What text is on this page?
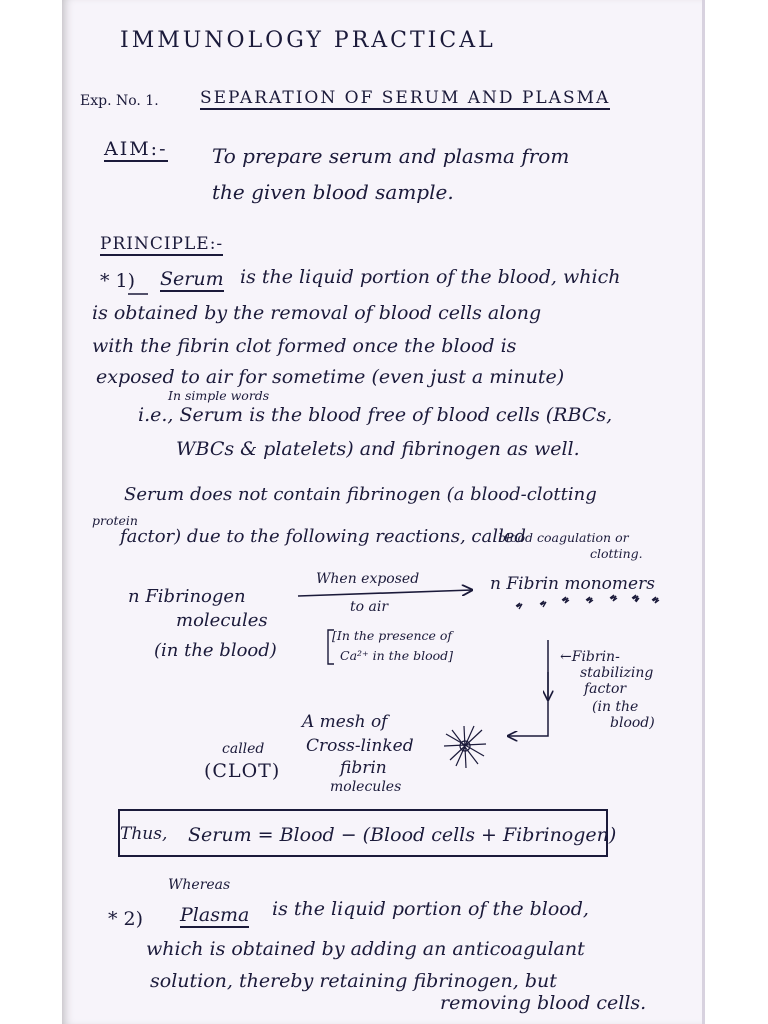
IMMUNOLOGY PRACTICAL
Exp. No. 1. SEPARATION OF SERUM AND PLASMA
AIM:- To prepare serum and plasma from
the given blood sample.
PRINCIPLE:-
* 1) Serum is the liquid portion of the blood, which
is obtained by the removal of blood cells along
with the fibrin clot formed once the blood is
exposed to air for sometime (even just a minute)
In simple words
i.e., Serum is the blood free of blood cells (RBCs,
WBCs & platelets) and fibrinogen as well.
Serum does not contain fibrinogen (a blood-clotting
protein
factor) due to the following reactions, called
blood coagulation or
clotting.
n Fibrinogen
molecules
(in the blood)
When exposed
to air
[In the presence of
Ca²⁺ in the blood]
n Fibrin monomers
←Fibrin-
stabilizing
factor
(in the
blood)
A mesh of
Cross-linked
fibrin
molecules
called
(CLOT)
Thus, Serum = Blood − (Blood cells + Fibrinogen)
Whereas
* 2) Plasma is the liquid portion of the blood,
which is obtained by adding an anticoagulant
solution, thereby retaining fibrinogen, but
removing blood cells.
